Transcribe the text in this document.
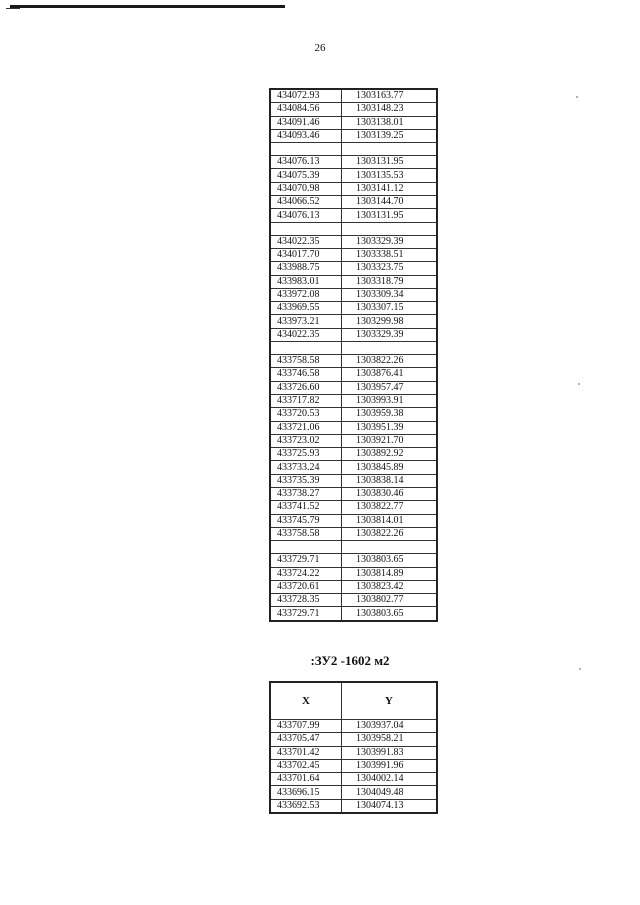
26
434072.93	1303163.77
434084.56	1303148.23
434091.46	1303138.01
434093.46	1303139.25

434076.13	1303131.95
434075.39	1303135.53
434070.98	1303141.12
434066.52	1303144.70
434076.13	1303131.95

434022.35	1303329.39
434017.70	1303338.51
433988.75	1303323.75
433983.01	1303318.79
433972.08	1303309.34
433969.55	1303307.15
433973.21	1303299.98
434022.35	1303329.39

433758.58	1303822.26
433746.58	1303876.41
433726.60	1303957.47
433717.82	1303993.91
433720.53	1303959.38
433721.06	1303951.39
433723.02	1303921.70
433725.93	1303892.92
433733.24	1303845.89
433735.39	1303838.14
433738.27	1303830.46
433741.52	1303822.77
433745.79	1303814.01
433758.58	1303822.26

433729.71	1303803.65
433724.22	1303814.89
433720.61	1303823.42
433728.35	1303802.77
433729.71	1303803.65
:ЗУ2 -1602 м2
X	Y
433707.99	1303937.04
433705.47	1303958.21
433701.42	1303991.83
433702.45	1303991.96
433701.64	1304002.14
433696.15	1304049.48
433692.53	1304074.13
